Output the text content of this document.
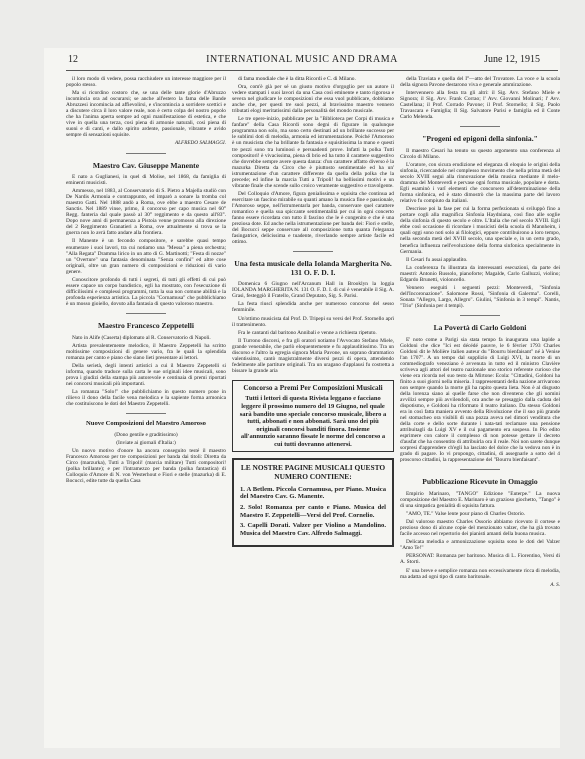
12	INTERNATIONAL MUSIC AND DRAMA	June 12, 1915

il loro modo di vedere, possa racchiudere un interesse maggiore per il popolo stesso.

Ma si ricordino costoro che, se una delle tante glorie d'Abruzzo incomincia ora ad oscurarsi; se anche all'estero la fama delle Bande Abruzzesi incomincia ad affievolirsi, e s'incomincia a sorridere scettici e a discutere circa il loro valore reale, non è certo colpa del nostro popolo che ha l'anima aperta sempre ad ogni manifestazione di estetica, e che vive in quella una terza, così piena di armonie naturali, così piena di suoni e di canti, e dallo spirito ardente, passionale, vibrante e avido sempre di sensazioni squisite.

ALFREDO SALMAGGI.
Maestro Cav. Giuseppe Manente

E nato a Guglianesi, in quel di Molise, nel 1868, da famiglia di eminenti musicisti.

Ammesso, nel 1883, al Conservatorio di S. Pietro a Majella studiò con De Nardis Armonia e contrappunto, ed imparò a sonare la tromba col maestro Gatti. Nel 1888 andò a Roma, ove ebbe a maestro Cesare de Sanctis. Nel 1889 vinse, primo, il concorso per capo musica nel 60° Regg. fanteria dal quale passò al 30° reggimento e da questo all'83°. Dopo nove anni di permanenza a Pistoia venne promosso alla direzione del 2 Reggimento Granatieri a Roma, ove attualmente si trova se la guerra non lo avrà fatto andare alla frontiera.

Il Manente è un fecondo compositore, e sarebbe quasi tempo enumerare i suoi lavori, tra cui notiamo una "Messa" a piena orchestra; "Alla Regata" Dramma lirico in un atto di G. Martinotti; "Festa di nozze" un "Overture" una fantasia denominata "Senza confini" ed altre cose originali, oltre un gran numero di composizioni e riduzioni di vario genere.

Conoscitore profondo di tutti i segreti, di tutti gli effetti di cui può essere capace un corpo bandistico, egli ha mostrato, con l'esecuzione di difficilissimi e complessi programmi, tutta la sua non comune abilità e la profonda esperienza artistica. La piccola "Cornamusa" che pubblichiamo è un mosso gioiello, dovuto alla fantasia di questo valoroso maestro.

Maestro Francesco Zeppetelli

Nato in Alife (Caserta) diplomato al R. Conservatorio di Napoli.

Artista prevalentemente melodico, il Maestro Zeppetelli ha scritto moltissime composizioni di genere vario, fra le quali la splendida romanza per canto e piano che siano lieti presentare ai lettori.

Della serietà, degli intenti artistici a cui il Maestro Zeppetelli si informa, quando traduce sulla carta le sue originali idee musicali, sono prova i giudizi della stampa più autorevole e centinaia di premi riportati nei concorsi musicali più importanti.

La romanza "Solo!" che pubblichiamo in questo numero pone in rilievo il dono della facile vena melodica e la sapiente forma armonica che costituiscono le doti del Maestro Zeppetelli.

Nuove Composizioni del Maestro Amoroso

(Dono gentile e graditissimo)

(Inviate ai giornali d'Italia:)

Un nuovo motivo d'onore ha ancora conseguito testé il maestro Francesco Amoroso per tre composizioni per banda dai titoli: Diretta da Circo (marzurka), Tutti a Tripoli! (marcia militare) Tutti compositori! (polka brillante); e per l'intramezzo per banda (polka fantastica) di Colloquio d'Amore di N. von Westerhout e Fiori e stelle (mazurka) di E. Bocucci, edite tutte da quella Casa

di fama mondiale che è la ditta Ricordi e C. di Milano.

Ora, com'è già per sé un giusto motivo d'orgoglio per un autore il vedere stampati i suoi lavori da una Casa così eminente e tanto rigorosa e severa nel giudicare le composizioni che essa vuol pubblicare, dobbiamo anche che, per questi tre suoi pezzi, al bravissimo maestro vennero tributati elogi meritatissimi dalla personalità del mondo musicale.

Le tre opere-inizio, pubblicate per la "Biblioteca per Corpi di musica e fanfare" della Casa Ricordi sono degni di figurare in qualunque programma non solo, ma sono certo destinati ad un brillante successo per le sublimi doti di melodia, armonia ed istrumentazione. Poiché l'Amoroso è un musicista che ha brillante fa fantasia e squisitissima la mano e questi tre pezzi sono tra luminosi e persuadenti prove. Infatti la polka Tutti compositori! è vivacissima, piena di brio ed ha tutto il carattere suggestivo che dovrebbe sempre avere questa danza: d'un carattere affatto diverso è la mazurka Diretta da Circo che è piuttosto sentimentale ed ha un' istrumentazione d'un carattere differente da quella della polka che la precede; ed infine la marcia Tutti a Tripoli! ha bellissimi motivi e un vibrante finale che scende sullo croico veramente suggestivo e travolgente.

Del Colloquio d'Amore, figura genialissima e squisita che continua ad esercitare un fascino mirabile su quanti amano la musica fine e passionale, l'Amoroso seppe, nell'istrumentarla per banda, conservare quel carattere romantico e quella sua spiccante sentimentalità per cui in ogni concerto fanno essere ricordata con tutto il fascino che le è congenito e che è una preziosa dote. Ed anche nella istrumentazione per banda dei: Fiori e stelle, del Bocucci seppe conservare all composizione tutta quanta l'eleganza fasingatrice, delicissima e tuadente, riverlando sempre artiste facile ed ottimo.

Una festa musicale della Iolanda Margherita No. 131 O. F. D. I.

Domenica 6 Giugno nell'Arcanum Hall in Brooklyn la loggia IOLANDA MARGHERITA N. 131 O. F. D. I. di cui è venerabile il Sig. A. Grasi, festeggiò il Fratello, Grand Deputato, Sig. S. Parisi.

La festa riuscì splendida anche per numeroso concorso del sesso femminile.

Un'ottimo musicista dal Prof. D. Tripepi su versi del Prof. Stornello aprì il trattenimento.

Fra le cantanti dal baritono Annibali e venne a richiesta ripetuto.

Il Turrono discorsi, e fra gli oratori notiamo l'Avvocato Stefano Miele, grande venerabile, che parlò eloquentemente e fu applauditissimo. Tra un discorso e l'altro la egregia signora Maria Pavone, un soprano drammatico valentissimo, cantò magistralmente diversi pezzi di opera, attendendo fedelmente alle partiture originali. Tra un uragano d'applausi fu costretta a bissare la grande aria

Concorso a Premi Per Composizioni Musicali
Tutti i lettori di questa Rivista leggano e facciano leggere il prossimo numero del 19 Giugno, nel quale sarà bandito uno speciale concorso musicale, libero a tutti, abbonati e non abbonati. Sarà uno dei più originali concorsi banditi finora. Insieme all'annunzio saranno fissate le norme del concorso a cui tutti dovranno attenersi.
LE NOSTRE PAGINE MUSICALI QUESTO NUMERO CONTIENE:
1. A Betlem. Piccola Cornamusa, per Piano. Musica del Maestro Cav. G. Manente.
2. Solo! Romanza per canto e Piano. Musica del Maestro F. Zeppetelli—Versi del Prof. Cornelio.
3. Capelli Dorati. Valzer per Violino a Mandolino. Musica del Maestro Cav. Alfredo Salmaggi.

della Traviata e quella del I°—atto del Trovatore. La voce e la scuola della signora Pavone destarono viva e generale ammirazione.

Intervennero alla festa tra gli altri: il Sig. Avv. Stefano Miele e Signora; il Sig. Avv. Frank Corrao; l' Avv. Giovanni Molinari; l' Avv. Castellana; il Prof. Corrado Pavone; il Prof. Stornello; il Sig. Paolo Travascara e Famiglia; Il Sig. Salvatore Parisi e famiglia ed il Conte Carlo Melenda.

"Progeni ed epigoni della sinfonia."

Il maestro Cesari ha tenuto su questo argomento una conferenza al Circolo di Milano.

L'oratore, con sicura erudizione ed eleganza di eloquio le origini della sinfonia, ricercandole nel complesso movimento che nella prima metà del secolo XVIII segui alla rinnovazione della musica mediante il melo-dramma del Monteverdi e pervase ogni forma musicale, popolare e dotta. Egli esaminò i varî elementi che concorsero all'determinazione della forma sinfonica, ed è stato dimostrò che la massima parte del lavoro relativo fu compiuto da italiani.

Descrisse poi la fase per cui la forma perfezionata si sviluppò fino a portare cogli alla magnifica Sinfonia Haydniana, così fino alle soglie della sinfonia di questo secolo e oltre. L'Italia che nel secolo XVIII. Egli ebbe così occasione di ricordare i musicisti della scuola di Mannheim, i quali oggi sono noti solo ai filologici, eppure contribuirono a loro tempo, nella seconda metà del XVIII secolo, una speciale e, in un certo grado, benefica influenza nell'evoluzione della forma sinfonica specialmente in Germania.

Il Cesari fu assai applaudito.

La conferenza fu illustrata da interessanti esecuzioni, da parte dei maestri: Antonio Russolo, pianoforte; Magalde, Carlo Galluzzi, violino; Edgardo Brunetti, violoncello.

Vennero eseguiti i seguenti pezzi: Monteverdi, "Sinfonia dell'Incoronazione". Salomone Rossi, "Sinfonia di Galerma". Corelli, Sonata "Allegro, Largo, Allegro". Giulini, "Sinfonia in 3 tempi". Nantis, "Trio" (Sinfonia per 4 tempi).

La Povertà di Carlo Goldoni

E' noto come a Parigi sia stata tempo fa inaugurata una lapide a Goldoni che dice "Ici est décédé pauvre, le 6 février 1793 Charles Goldoni dit le Molière italien auteur du "Bourru bienfaisant" né à Venise l'an 1707". A un tempo dal supplizio di Luigi XVI, la morte di un commediografo veneziano è avvenuta in tutto ed il ministro Clavière scriveva agli attori del teatro nazionale uno storico referente curioso che viene era ricorda nel suo testo da Mirtone: Ecola: "Cittadini, Goldoni ha finito a suoi giorni nella miseria. I rappresentanti della nazione arrivarono non sempre quando la morte gli ha rapito questa lieta. Non è al disgusto della lorenza siano ai quelle farse che non diventeno che gli uomini avvilizi sempre più avvilendoli, ora anche se presaggio dalla caduta del dispotismo, e Goldoni ha riformato il teatro italiano. Da stesso Goldoni era in così fatta maniera avvento della Rivoluzione che il suo più grande nel stomacheo ora visibili di una pozza aveva nel dimori venditura che della corte e dello sorte durante i nata-tati reclamare una pensione attribuitagli da Luigi XV e il cui pagamento era sospeso. In Pio edito esprimere con calore il complesso di non potesse gettare il decreto d'ausfat che ha consentito di attribuirla ora il reale. Noi non sarete dunque sorpresi d'apprendere ch'egli ha lasciato del dolce che la vedova non è in grado di pagare. Io vi propongo, cittadini, di assegnarle a sotto del 4 proscorso cittadini, la rappresentazione del "Bourru bienfaisant".

Pubblicazione Ricevute in Omaggio

Empirio Marinaro, "TANGO" Edizione "Euterpe." La nuova composizione del Maestro E. Marinaro è un grazioso giochetto, "Tango" è di una simpatica genialità di squisita fattura.

"AMO, TE." Valse lente pour piano di Charles Ostorio.

Dal valoroso maestro Charles Ossorio abbiamo ricevuto il cortese e prezioso dono di alcune copie del menzionato valzer, che ha già trovato facile accesso nel repertorio dei pianisti amanti della buona musica.

Delicata melodia e armonizzazione squisita sono le doti del Valzer "Amo Te!"

PERSONAT: Romanza per baritono. Musica di L. Fiorentino, Versi di A. Storti.

E' una breve e semplice romanza non eccessivamente ricca di melodia, ma adatta ad ogni tipo di canto baritonale.

A. S.
